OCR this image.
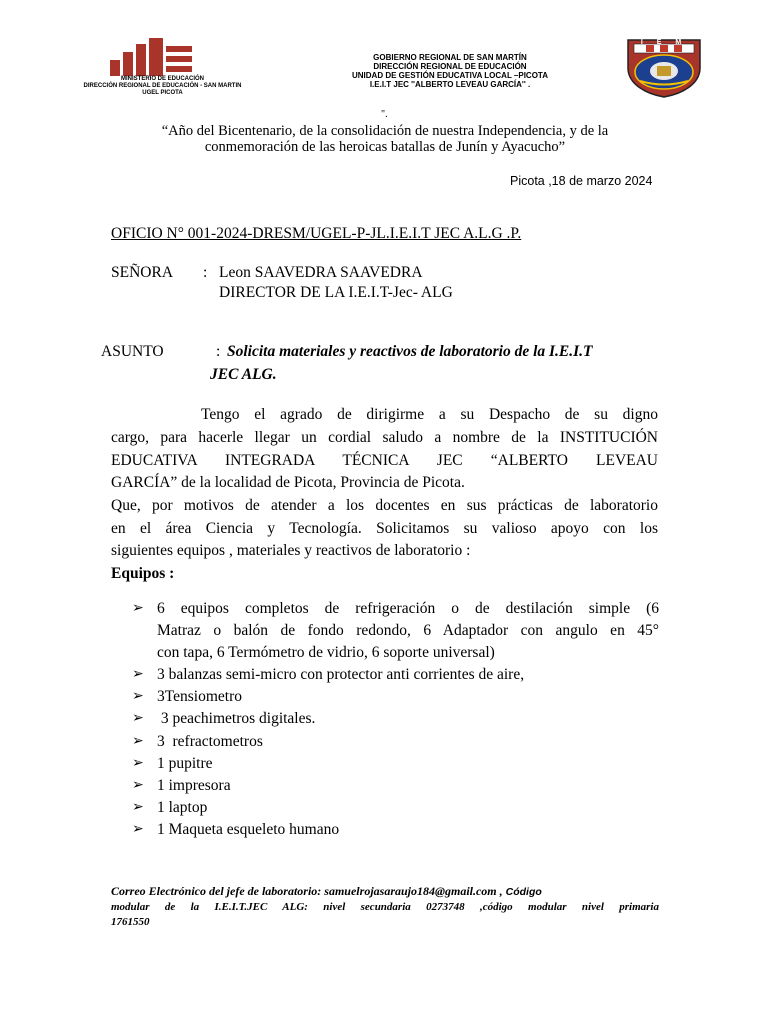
MINISTERIO DE EDUCACIÓN
DIRECCIÓN REGIONAL DE EDUCACIÓN - SAN MARTIN
UGEL PICOTA
GOBIERNO REGIONAL DE SAN MARTÍN
DIRECCIÓN REGIONAL DE EDUCACIÓN
UNIDAD DE GESTIÓN EDUCATIVA LOCAL –PICOTA
I.E.I.T JEC ''ALBERTO LEVEAU GARCÍA'' .
I E M
".
“Año del Bicentenario, de la consolidación de nuestra Independencia, y de la
conmemoración de las heroicas batallas de Junín y Ayacucho”
Picota ,18 de marzo 2024
OFICIO N° 001-2024-DRESM/UGEL-P-JL.I.E.I.T JEC A.L.G .P.
SEÑORA : Leon SAAVEDRA SAAVEDRA
DIRECTOR DE LA I.E.I.T-Jec- ALG
ASUNTO	: Solicita materiales y reactivos de laboratorio de la I.E.I.T
JEC ALG.
Tengo el agrado de dirigirme a su Despacho de su digno
cargo, para hacerle llegar un cordial saludo a nombre de la INSTITUCIÓN
EDUCATIVA INTEGRADA TÉCNICA JEC “ALBERTO LEVEAU
GARCÍA” de la localidad de Picota, Provincia de Picota.
Que, por motivos de atender a los docentes en sus prácticas de laboratorio
en el área Ciencia y Tecnología. Solicitamos su valioso apoyo con los
siguientes equipos , materiales y reactivos de laboratorio :
Equipos :
➢ 6 equipos completos de refrigeración o de destilación simple (6
Matraz o balón de fondo redondo, 6 Adaptador con angulo en 45°
con tapa, 6 Termómetro de vidrio, 6 soporte universal)
➢ 3 balanzas semi-micro con protector anti corrientes de aire,
➢ 3Tensiometro
➢ 3 peachimetros digitales.
➢ 3  refractometros
➢ 1 pupitre
➢ 1 impresora
➢ 1 laptop
➢ 1 Maqueta esqueleto humano
Correo Electrónico del jefe de laboratorio: samuelrojasaraujo184@gmail.com , Código
modular de la I.E.I.T.JEC ALG: nivel secundaria 0273748 ,código modular nivel primaria
1761550
